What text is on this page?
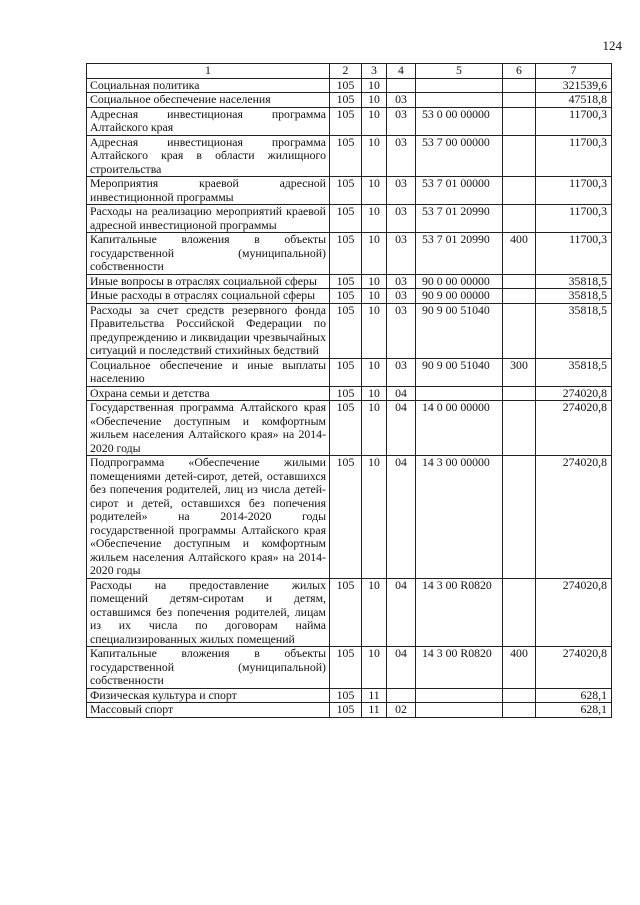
124
1	2	3	4	5	6	7
Социальная политика	105	10				321539,6
Социальное обеспечение населения	105	10	03			47518,8
Адресная инвестиционая программа Алтайского края	105	10	03	53 0 00 00000		11700,3
Адресная инвестиционая программа Алтайского края в области жилищного строительства	105	10	03	53 7 00 00000		11700,3
Мероприятия краевой адресной инвестиционной программы	105	10	03	53 7 01 00000		11700,3
Расходы на реализацию мероприятий краевой адресной инвестиционой программы	105	10	03	53 7 01 20990		11700,3
Капитальные вложения в объекты государственной (муниципальной) собственности	105	10	03	53 7 01 20990	400	11700,3
Иные вопросы в отраслях социальной сферы	105	10	03	90 0 00 00000		35818,5
Иные расходы в отраслях социальной сферы	105	10	03	90 9 00 00000		35818,5
Расходы за счет средств резервного фонда Правительства Российской Федерации по предупреждению и ликвидации чрезвычайных ситуаций и последствий стихийных бедствий	105	10	03	90 9 00 51040		35818,5
Социальное обеспечение и иные выплаты населению	105	10	03	90 9 00 51040	300	35818,5
Охрана семьи и детства	105	10	04			274020,8
Государственная программа Алтайского края «Обеспечение доступным и комфортным жильем населения Алтайского края» на 2014-2020 годы	105	10	04	14 0 00 00000		274020,8
Подпрограмма «Обеспечение жилыми помещениями детей-сирот, детей, оставшихся без попечения родителей, лиц из числа детей-сирот и детей, оставшихся без попечения родителей» на 2014-2020 годы государственной программы Алтайского края «Обеспечение доступным и комфортным жильем населения Алтайского края» на 2014-2020 годы	105	10	04	14 3 00 00000		274020,8
Расходы на предоставление жилых помещений детям-сиротам и детям, оставшимся без попечения родителей, лицам из их числа по договорам найма специализированных жилых помещений	105	10	04	14 3 00 R0820		274020,8
Капитальные вложения в объекты государственной (муниципальной) собственности	105	10	04	14 3 00 R0820	400	274020,8
Физическая культура и спорт	105	11				628,1
Массовый спорт	105	11	02			628,1
